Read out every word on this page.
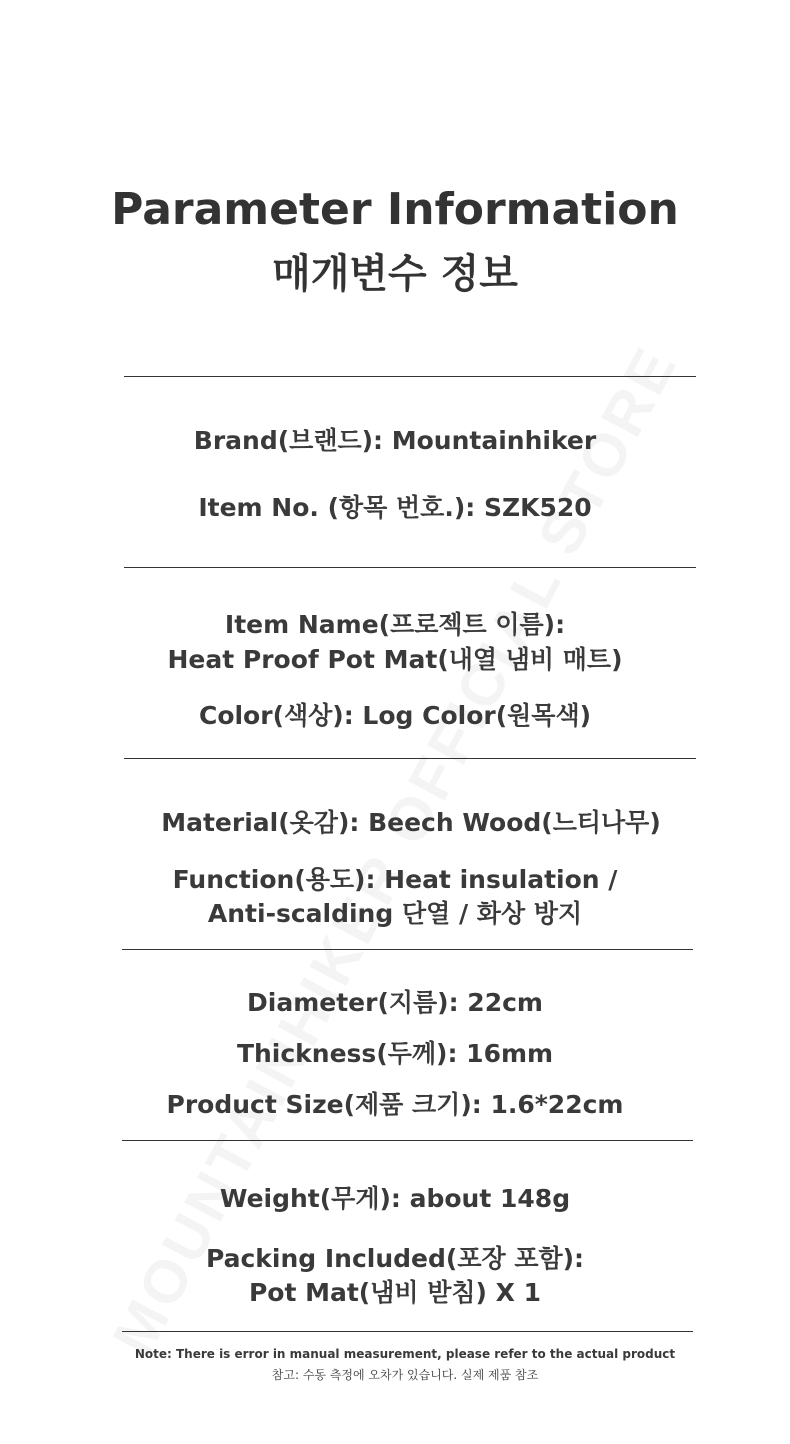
Parameter Information
매개변수 정보
Brand(브랜드): Mountainhiker
Item No. (항목 번호.): SZK520
Item Name(프로젝트 이름):
Heat Proof Pot Mat(내열 냄비 매트)
Color(색상): Log Color(원목색)
Material(옷감): Beech Wood(느티나무)
Function(용도): Heat insulation /
Anti-scalding 단열 / 화상 방지
Diameter(지름): 22cm
Thickness(두께): 16mm
Product Size(제품 크기): 1.6*22cm
Weight(무게): about 148g
Packing Included(포장 포함):
Pot Mat(냄비 받침) X 1
Note: There is error in manual measurement, please refer to the actual product
참고: 수동 측정에 오차가 있습니다. 실제 제품 참조
